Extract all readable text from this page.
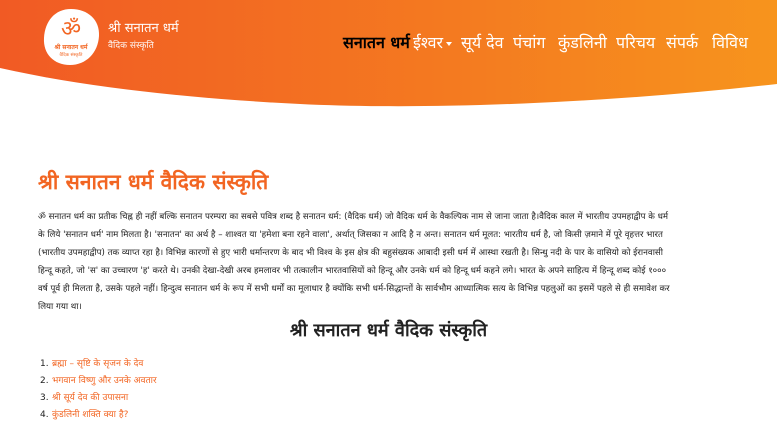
ॐ
श्री सनातन धर्म
वैदिक संस्कृति
श्री सनातन धर्म
वैदिक संस्कृति	सनातन धर्म ईश्वर	सूर्य देव पंचांग कुंडलिनी परिचय संपर्क विविध
श्री सनातन धर्म वैदिक संस्कृति
ॐ सनातन धर्म का प्रतीक चिह्न ही नहीं बल्कि सनातन परम्परा का सबसे पवित्र शब्द है सनातन धर्म: (वैदिक धर्म) जो वैदिक धर्म के वैकल्पिक नाम से जाना जाता है।वैदिक काल में भारतीय उपमहाद्वीप के धर्म
के लिये 'सनातन धर्म' नाम मिलता है। 'सनातन' का अर्थ है – शाश्वत या 'हमेशा बना रहने वाला', अर्थात् जिसका न आदि है न अन्त। सनातन धर्म मूलत: भारतीय धर्म है, जो किसी ज़माने में पूरे वृहत्तर भारत
(भारतीय उपमहाद्वीप) तक व्याप्त रहा है। विभिन्न कारणों से हुए भारी धर्मान्तरण के बाद भी विश्व के इस क्षेत्र की बहुसंख्यक आबादी इसी धर्म में आस्था रखती है। सिन्धु नदी के पार के वासियो को ईरानवासी
हिन्दू कहते, जो 'स' का उच्चारण 'ह' करते थे। उनकी देखा-देखी अरब हमलावर भी तत्कालीन भारतवासियों को हिन्दू और उनके धर्म को हिन्दू धर्म कहने लगे। भारत के अपने साहित्य में हिन्दू शब्द कोई १०००
वर्ष पूर्व ही मिलता है, उसके पहले नहीं। हिन्दुत्व सनातन धर्म के रूप में सभी धर्मों का मूलाधार है क्योंकि सभी धर्म-सिद्धान्तों के सार्वभौम आध्यात्मिक सत्य के विभिन्न पहलुओं का इसमें पहले से ही समावेश कर
लिया गया था।
श्री सनातन धर्म वैदिक संस्कृति
1. ब्रह्मा – सृष्टि के सृजन के देव
2. भगवान विष्णु और उनके अवतार
3. श्री सूर्य देव की उपासना
4. कुंडलिनी शक्ति क्या है?
